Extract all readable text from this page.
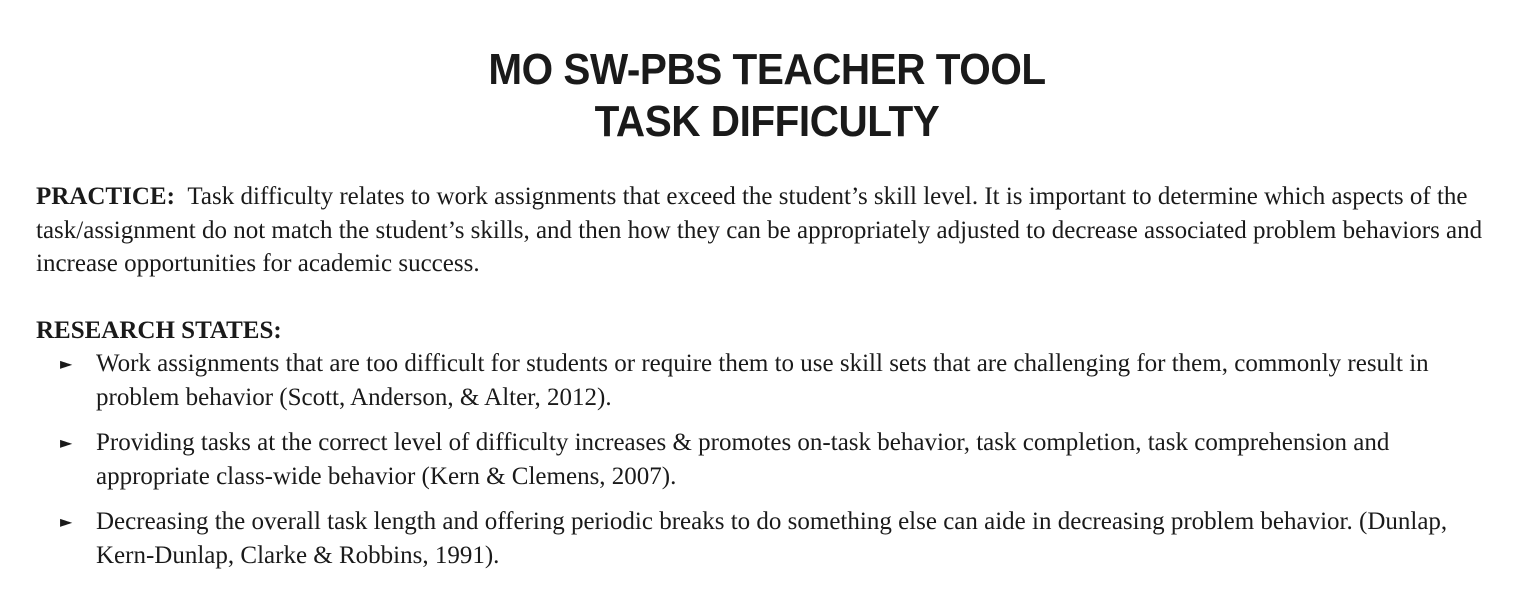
MO SW-PBS TEACHER TOOL
TASK DIFFICULTY

PRACTICE: Task difficulty relates to work assignments that exceed the student’s skill level. It is important to determine which aspects of the task/assignment do not match the student’s skills, and then how they can be appropriately adjusted to decrease associated problem behaviors and increase opportunities for academic success.

RESEARCH STATES:

► Work assignments that are too difficult for students or require them to use skill sets that are challenging for them, commonly result in problem behavior (Scott, Anderson, & Alter, 2012).
► Providing tasks at the correct level of difficulty increases & promotes on-task behavior, task completion, task comprehension and appropriate class-wide behavior (Kern & Clemens, 2007).
► Decreasing the overall task length and offering periodic breaks to do something else can aide in decreasing problem behavior. (Dunlap, Kern-Dunlap, Clarke & Robbins, 1991).
